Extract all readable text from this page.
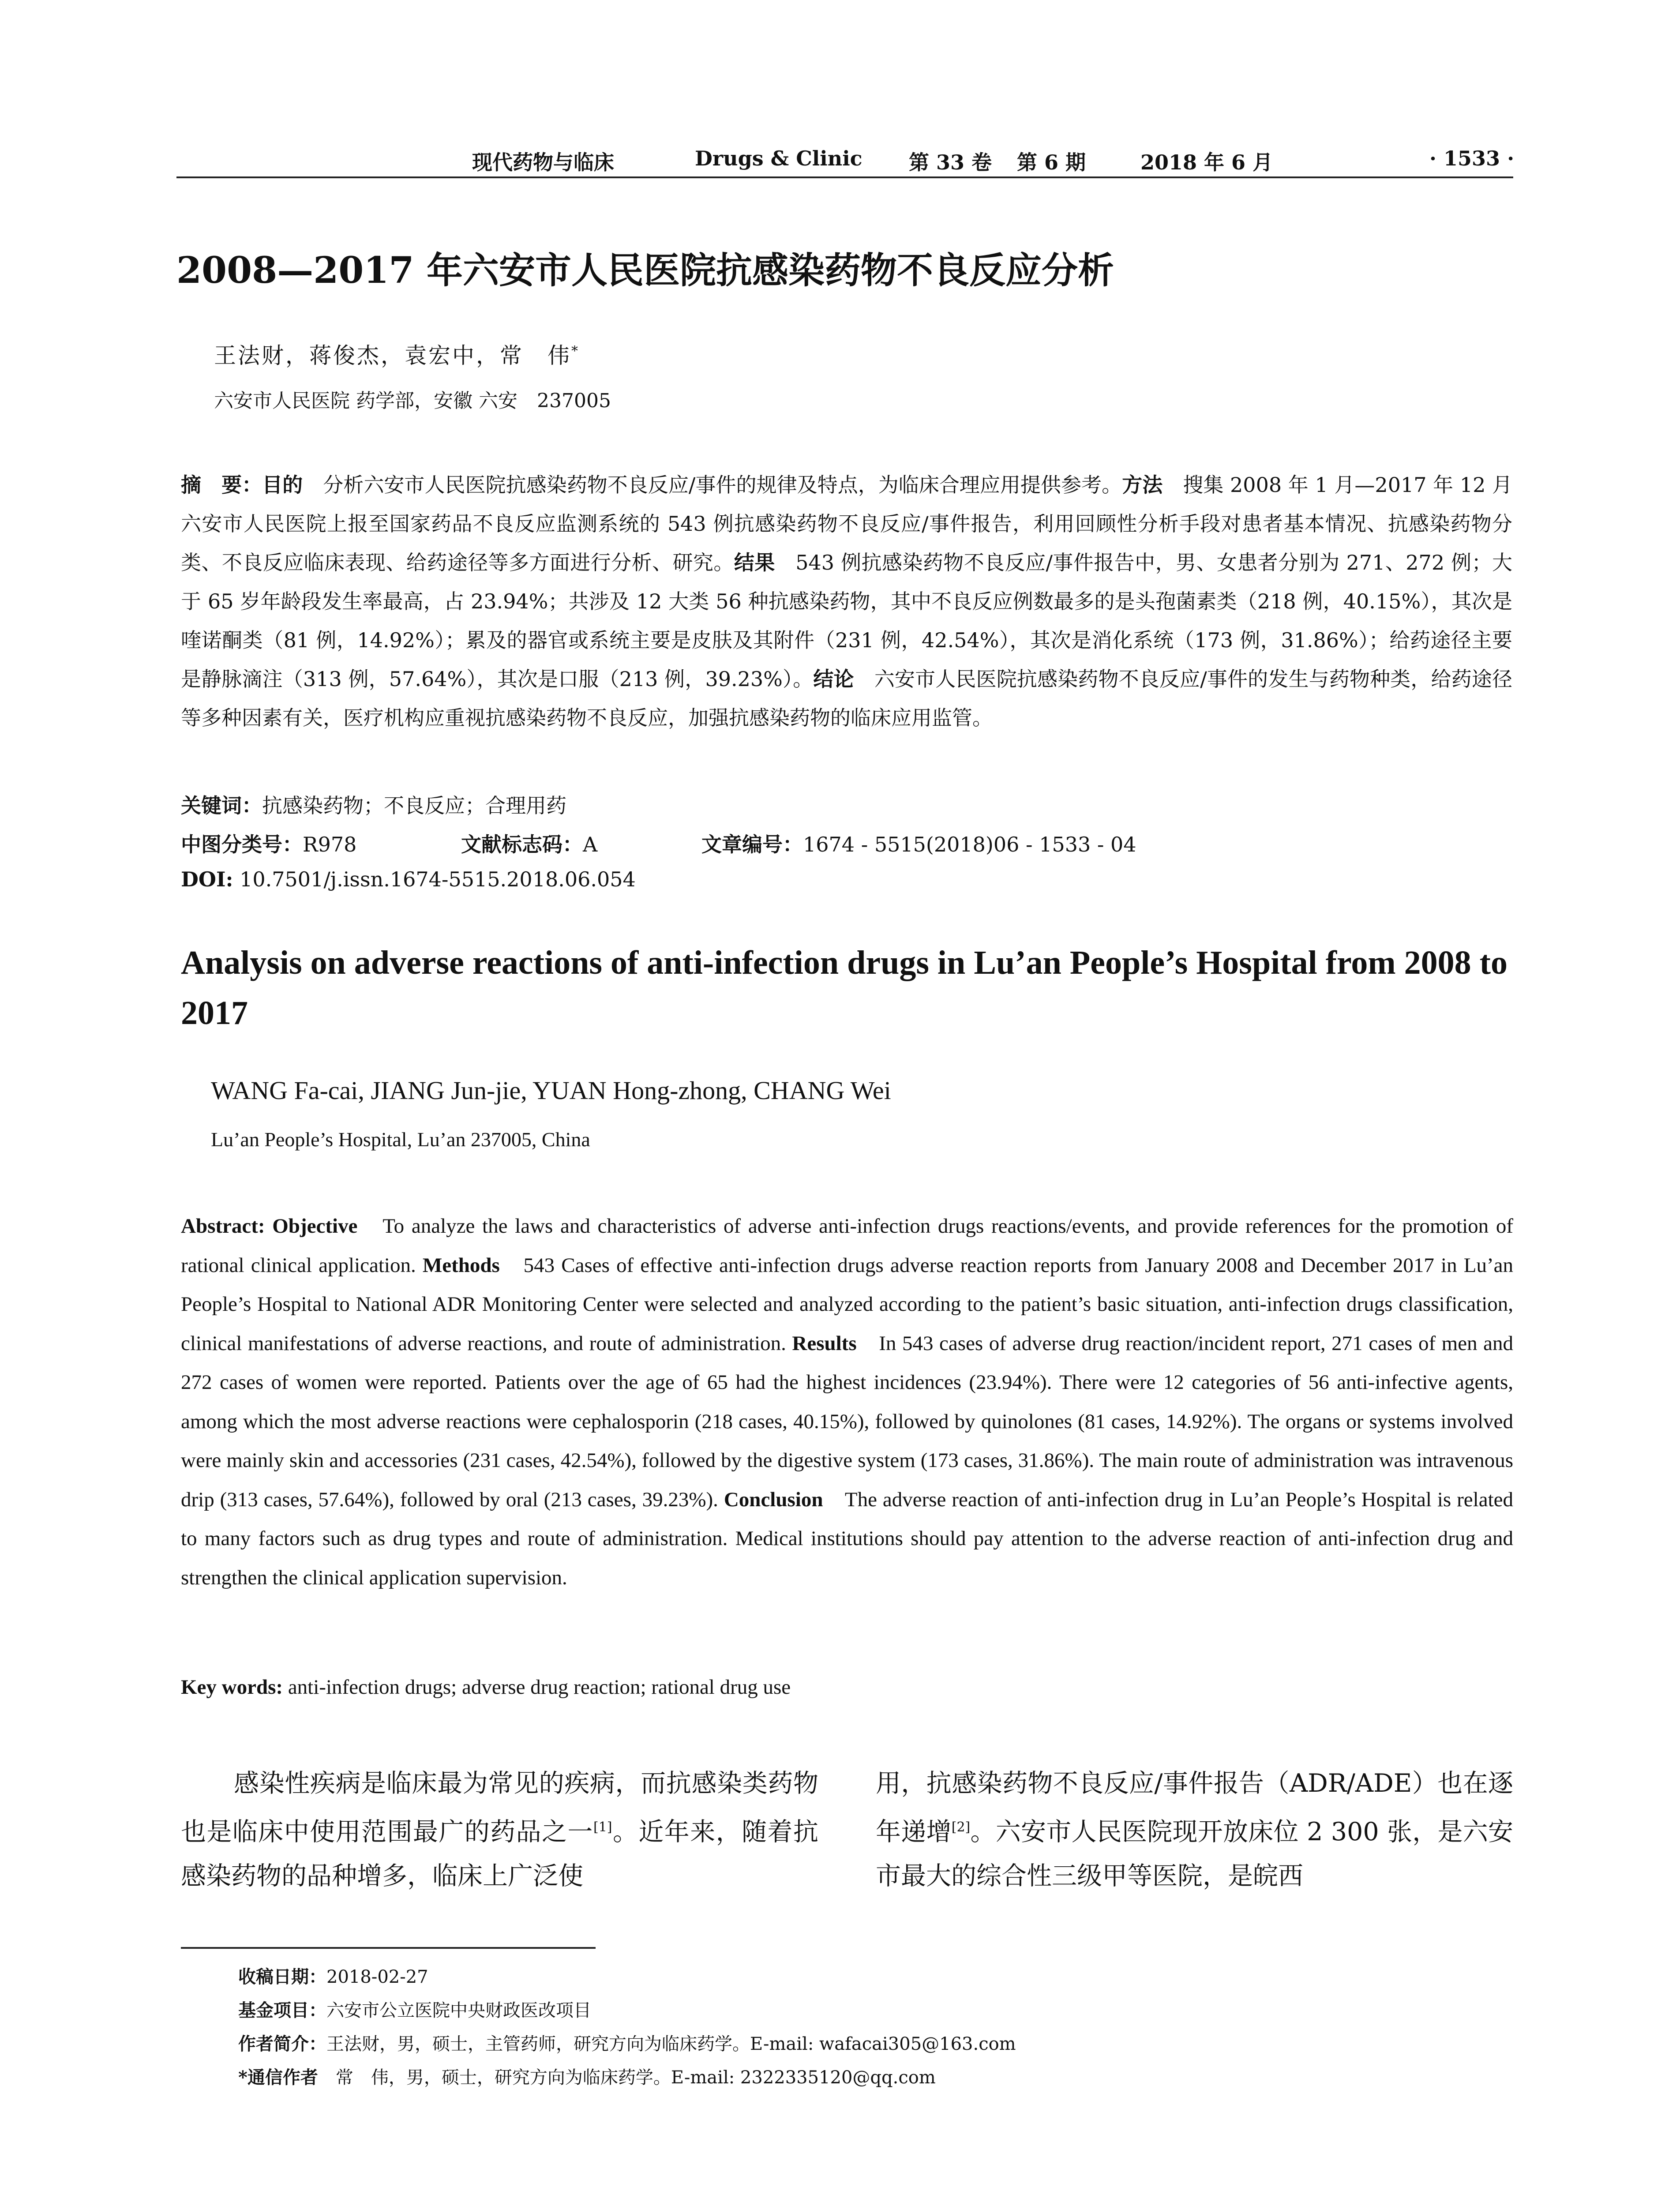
现代药物与临床	Drugs & Clinic 第 33 卷 第 6 期	2018 年 6 月	· 1533 ·
2008—2017 年六安市人民医院抗感染药物不良反应分析
王法财，蒋俊杰，袁宏中，常　伟*
六安市人民医院 药学部，安徽 六安　237005
摘　要：目的　分析六安市人民医院抗感染药物不良反应/事件的规律及特点，为临床合理应用提供参考。方法　搜集 2008 年 1 月—2017 年 12 月六安市人民医院上报至国家药品不良反应监测系统的 543 例抗感染药物不良反应/事件报告，利用回顾性分析手段对患者基本情况、抗感染药物分类、不良反应临床表现、给药途径等多方面进行分析、研究。结果　543 例抗感染药物不良反应/事件报告中，男、女患者分别为 271、272 例；大于 65 岁年龄段发生率最高，占 23.94%；共涉及 12 大类 56 种抗感染药物，其中不良反应例数最多的是头孢菌素类（218 例，40.15%），其次是喹诺酮类（81 例，14.92%）；累及的器官或系统主要是皮肤及其附件（231 例，42.54%），其次是消化系统（173 例，31.86%）；给药途径主要是静脉滴注（313 例，57.64%），其次是口服（213 例，39.23%）。结论　六安市人民医院抗感染药物不良反应/事件的发生与药物种类，给药途径等多种因素有关，医疗机构应重视抗感染药物不良反应，加强抗感染药物的临床应用监管。
关键词：抗感染药物；不良反应；合理用药
中图分类号：R978	文献标志码：A	文章编号：1674 - 5515(2018)06 - 1533 - 04
DOI: 10.7501/j.issn.1674-5515.2018.06.054
Analysis on adverse reactions of anti-infection drugs in Lu’an People’s Hospital from 2008 to 2017
WANG Fa-cai, JIANG Jun-jie, YUAN Hong-zhong, CHANG Wei
Lu’an People’s Hospital, Lu’an 237005, China
Abstract: Objective　To analyze the laws and characteristics of adverse anti-infection drugs reactions/events, and provide references for the promotion of rational clinical application. Methods　543 Cases of effective anti-infection drugs adverse reaction reports from January 2008 and December 2017 in Lu’an People’s Hospital to National ADR Monitoring Center were selected and analyzed according to the patient’s basic situation, anti-infection drugs classification, clinical manifestations of adverse reactions, and route of administration. Results　In 543 cases of adverse drug reaction/incident report, 271 cases of men and 272 cases of women were reported. Patients over the age of 65 had the highest incidences (23.94%). There were 12 categories of 56 anti-infective agents, among which the most adverse reactions were cephalosporin (218 cases, 40.15%), followed by quinolones (81 cases, 14.92%). The organs or systems involved were mainly skin and accessories (231 cases, 42.54%), followed by the digestive system (173 cases, 31.86%). The main route of administration was intravenous drip (313 cases, 57.64%), followed by oral (213 cases, 39.23%). Conclusion　The adverse reaction of anti-infection drug in Lu’an People’s Hospital is related to many factors such as drug types and route of administration. Medical institutions should pay attention to the adverse reaction of anti-infection drug and strengthen the clinical application supervision.
Key words: anti-infection drugs; adverse drug reaction; rational drug use
感染性疾病是临床最为常见的疾病，而抗感染类药物也是临床中使用范围最广的药品之一[1]。近年来，随着抗感染药物的品种增多，临床上广泛使
用，抗感染药物不良反应/事件报告（ADR/ADE）也在逐年递增[2]。六安市人民医院现开放床位 2 300 张，是六安市最大的综合性三级甲等医院，是皖西
收稿日期：2018-02-27
基金项目：六安市公立医院中央财政医改项目
作者简介：王法财，男，硕士，主管药师，研究方向为临床药学。E-mail: wafacai305@163.com
*通信作者　常　伟，男，硕士，研究方向为临床药学。E-mail: 2322335120@qq.com
